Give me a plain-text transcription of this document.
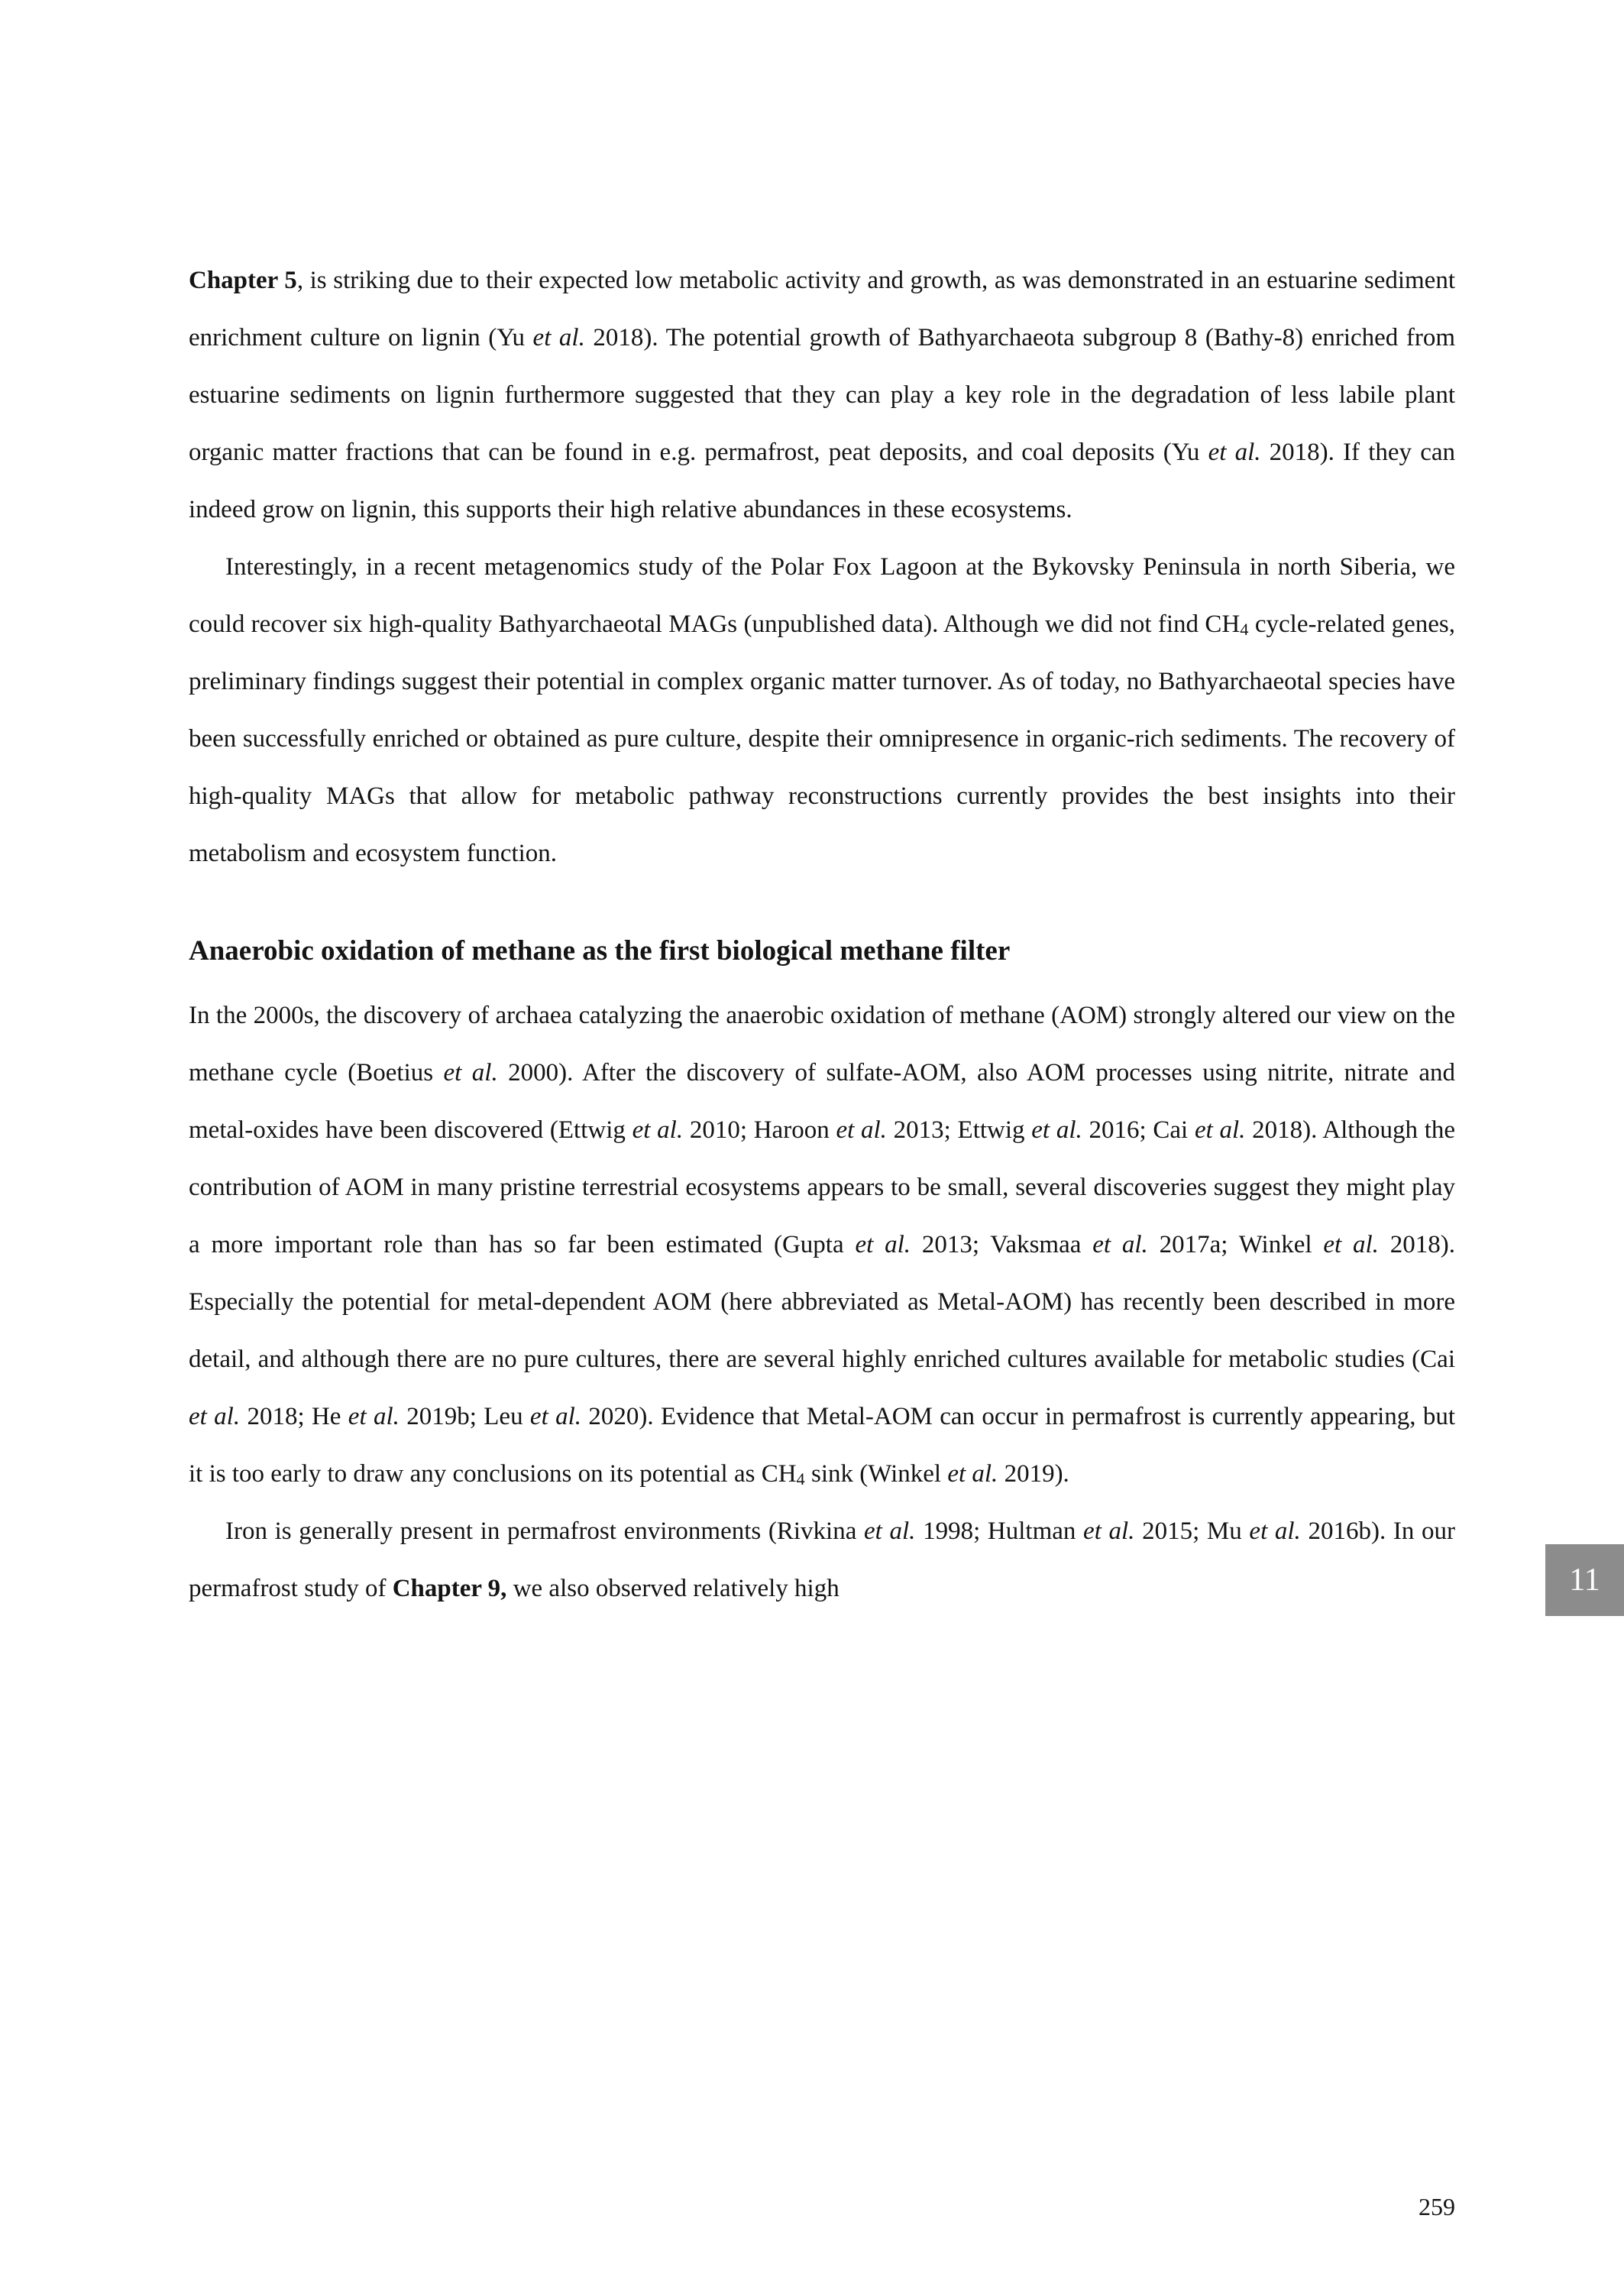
Chapter 5, is striking due to their expected low metabolic activity and growth, as was demonstrated in an estuarine sediment enrichment culture on lignin (Yu et al. 2018). The potential growth of Bathyarchaeota subgroup 8 (Bathy-8) enriched from estuarine sediments on lignin furthermore suggested that they can play a key role in the degradation of less labile plant organic matter fractions that can be found in e.g. permafrost, peat deposits, and coal deposits (Yu et al. 2018). If they can indeed grow on lignin, this supports their high relative abundances in these ecosystems.

Interestingly, in a recent metagenomics study of the Polar Fox Lagoon at the Bykovsky Peninsula in north Siberia, we could recover six high-quality Bathyarchaeotal MAGs (unpublished data). Although we did not find $CH_4$ cycle-related genes, preliminary findings suggest their potential in complex organic matter turnover. As of today, no Bathyarchaeotal species have been successfully enriched or obtained as pure culture, despite their omnipresence in organic-rich sediments. The recovery of high-quality MAGs that allow for metabolic pathway reconstructions currently provides the best insights into their metabolism and ecosystem function.

Anaerobic oxidation of methane as the first biological methane filter

In the 2000s, the discovery of archaea catalyzing the anaerobic oxidation of methane (AOM) strongly altered our view on the methane cycle (Boetius et al. 2000). After the discovery of sulfate-AOM, also AOM processes using nitrite, nitrate and metal-oxides have been discovered (Ettwig et al. 2010; Haroon et al. 2013; Ettwig et al. 2016; Cai et al. 2018). Although the contribution of AOM in many pristine terrestrial ecosystems appears to be small, several discoveries suggest they might play a more important role than has so far been estimated (Gupta et al. 2013; Vaksmaa et al. 2017a; Winkel et al. 2018). Especially the potential for metal-dependent AOM (here abbreviated as Metal-AOM) has recently been described in more detail, and although there are no pure cultures, there are several highly enriched cultures available for metabolic studies (Cai et al. 2018; He et al. 2019b; Leu et al. 2020). Evidence that Metal-AOM can occur in permafrost is currently appearing, but it is too early to draw any conclusions on its potential as $CH_4$ sink (Winkel et al. 2019).

Iron is generally present in permafrost environments (Rivkina et al. 1998; Hultman et al. 2015; Mu et al. 2016b). In our permafrost study of Chapter 9, we also observed relatively high	11
259
